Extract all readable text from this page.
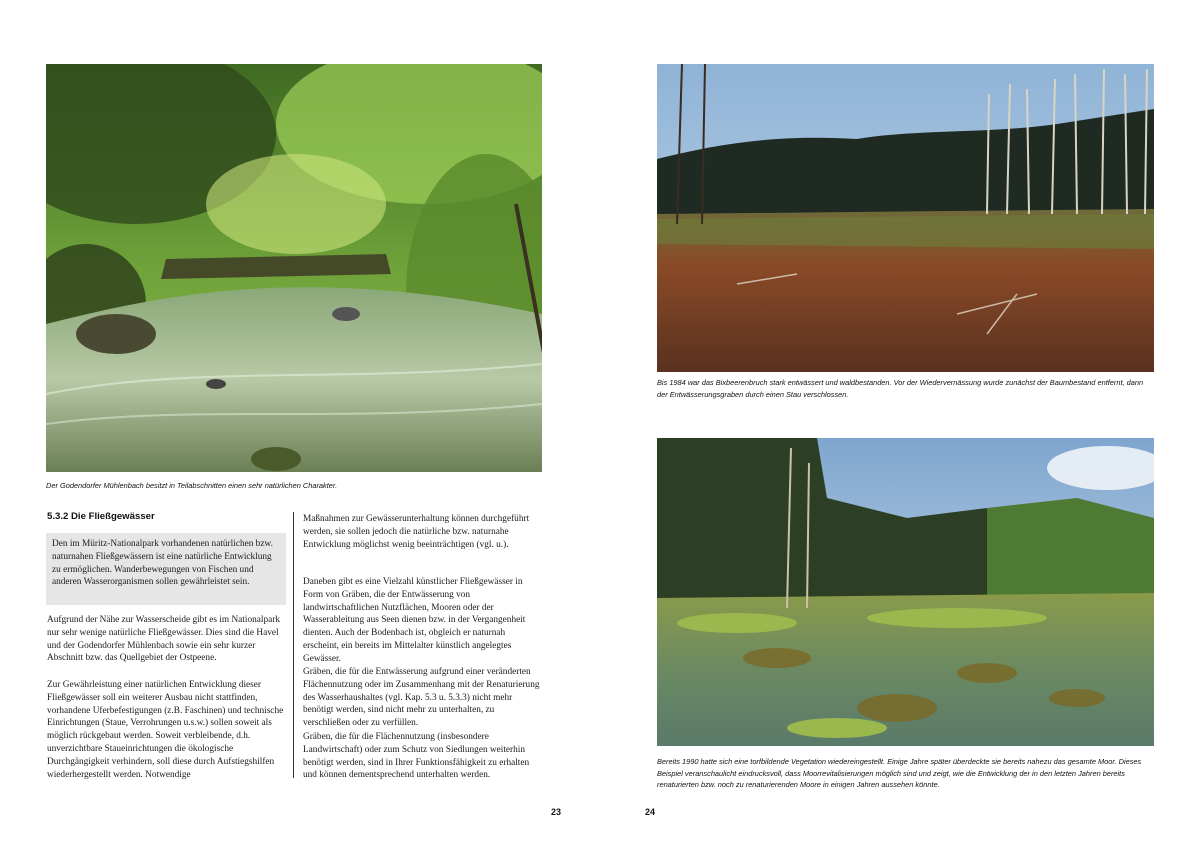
Der Godendorfer Mühlenbach besitzt in Teilabschnitten einen sehr natürlichen Charakter.
5.3.2 Die Fließgewässer
Den im Müritz-Nationalpark vorhandenen natürlichen bzw. naturnahen Fließgewässern ist eine natürliche Entwicklung zu ermöglichen. Wanderbewegungen von Fischen und anderen Wasserorganismen sollen gewährleistet sein.

Aufgrund der Nähe zur Wasserscheide gibt es im Nationalpark nur sehr wenige natürliche Fließgewässer. Dies sind die Havel und der Godendorfer Mühlenbach sowie ein sehr kurzer Abschnitt bzw. das Quellgebiet der Ostpeene.

Zur Gewährleistung einer natürlichen Entwicklung dieser Fließgewässer soll ein weiterer Ausbau nicht stattfinden, vorhandene Uferbefestigungen (z.B. Faschinen) und technische Einrichtungen (Staue, Verrohrungen u.s.w.) sollen soweit als möglich rückgebaut werden. Soweit verbleibende, d.h. unverzichtbare Staueinrichtungen die ökologische Durchgängigkeit verhindern, soll diese durch Aufstiegshilfen wiederhergestellt werden. Notwendige

Maßnahmen zur Gewässerunterhaltung können durchgeführt werden, sie sollen jedoch die natürliche bzw. naturnahe Entwicklung möglichst wenig beeinträchtigen (vgl. u.).

Daneben gibt es eine Vielzahl künstlicher Fließgewässer in Form von Gräben, die der Entwässerung von landwirtschaftlichen Nutzflächen, Mooren oder der Wasserableitung aus Seen dienen bzw. in der Vergangenheit dienten. Auch der Bodenbach ist, obgleich er naturnah erscheint, ein bereits im Mittelalter künstlich angelegtes Gewässer.

Gräben, die für die Entwässerung aufgrund einer veränderten Flächennutzung oder im Zusammenhang mit der Renaturierung des Wasserhaushaltes (vgl. Kap. 5.3 u. 5.3.3) nicht mehr benötigt werden, sind nicht mehr zu unterhalten, zu verschließen oder zu verfüllen.

Gräben, die für die Flächennutzung (insbesondere Landwirtschaft) oder zum Schutz von Siedlungen weiterhin benötigt werden, sind in Ihrer Funktionsfähigkeit zu erhalten und können dementsprechend unterhalten werden.

23
Bis 1984 war das Bixbeerenbruch stark entwässert und waldbestanden. Vor der Wiedervernässung wurde zunächst der Baumbestand entfernt, dann der Entwässerungsgraben durch einen Stau verschlossen.
Bereits 1990 hatte sich eine torfbildende Vegetation wiedereingestellt. Einige Jahre später überdeckte sie bereits nahezu das gesamte Moor. Dieses Beispiel veranschaulicht eindrucksvoll, dass Moorrevitalisierungen möglich sind und zeigt, wie die Entwicklung der in den letzten Jahren bereits renaturierten bzw. noch zu renaturierenden Moore in einigen Jahren aussehen könnte.
24
